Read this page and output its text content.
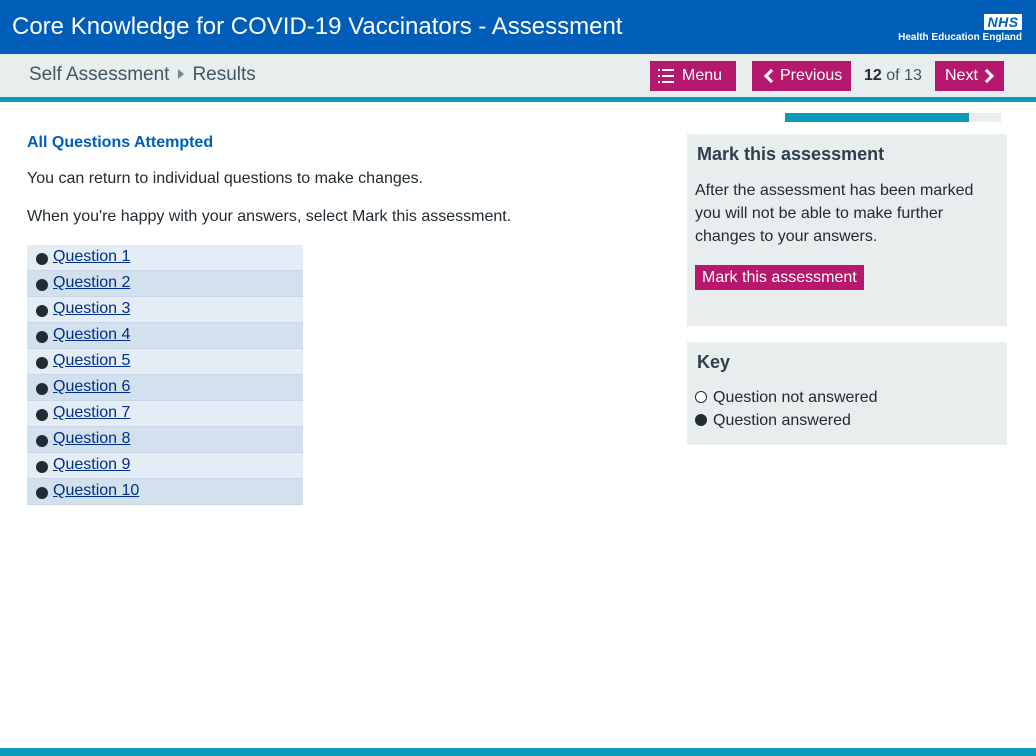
Core Knowledge for COVID-19 Vaccinators - Assessment	NHS
Health Education England
Self Assessment Results	Menu	Previous	12 of 13	Next
All Questions Attempted

You can return to individual questions to make changes.

When you're happy with your answers, select Mark this assessment.

Question 1
Question 2
Question 3
Question 4
Question 5
Question 6
Question 7
Question 8
Question 9
Question 10
Mark this assessment

After the assessment has been marked you will not be able to make further changes to your answers.

Mark this assessment
Key
Question not answered
Question answered
